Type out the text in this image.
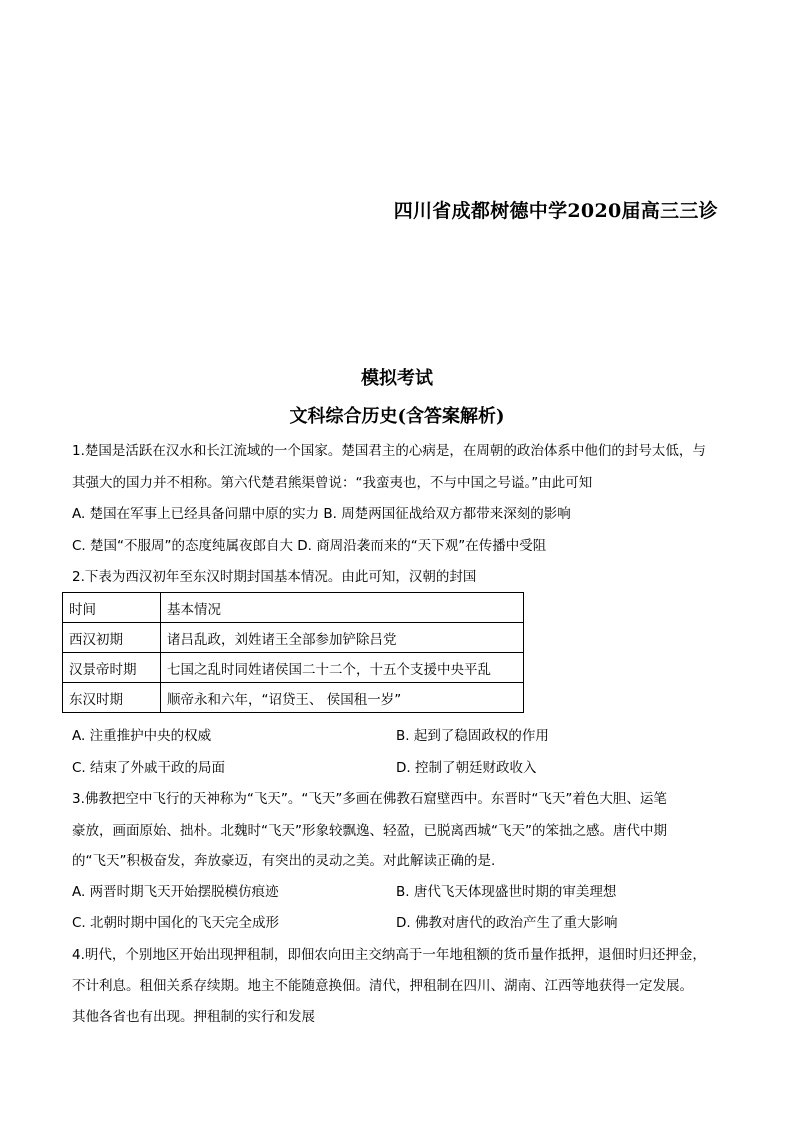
四川省成都树德中学2020届高三三诊
模拟考试
文科综合历史(含答案解析)
1.楚国是活跃在汉水和长江流域的一个国家。楚国君主的心病是，在周朝的政治体系中他们的封号太低，与
其强大的国力并不相称。第六代楚君熊渠曾说：“我蛮夷也，不与中国之号谥。”由此可知
A. 楚国在军事上已经具备问鼎中原的实力 B. 周楚两国征战给双方都带来深刻的影响
C. 楚国“不服周”的态度纯属夜郎自大 D. 商周沿袭而来的“天下观”在传播中受阻
2.下表为西汉初年至东汉时期封国基本情况。由此可知，汉朝的封国
时间	基本情况
西汉初期	诸吕乱政，刘姓诸王全部参加铲除吕党
汉景帝时期	七国之乱时同姓诸侯国二十二个，十五个支援中央平乱
东汉时期	顺帝永和六年，“诏贷王、 侯国租一岁”
A. 注重推护中央的权威	B. 起到了稳固政权的作用
C. 结束了外戚干政的局面	D. 控制了朝廷财政收入
3.佛教把空中飞行的天神称为“飞天”。“飞天”多画在佛教石窟壁西中。东晋时“飞天”着色大胆、运笔
豪放，画面原始、拙朴。北魏时“飞天”形象较飘逸、轻盈，已脱离西城“飞天”的笨拙之感。唐代中期
的“飞天”积极奋发，奔放豪迈，有突出的灵动之美。对此解读正确的是.
A. 两晋时期飞天开始摆脱模仿痕迹	B. 唐代飞天体现盛世时期的审美理想
C. 北朝时期中国化的飞天完全成形	D. 佛教对唐代的政治产生了重大影响
4.明代，个别地区开始出现押租制，即佃农向田主交纳高于一年地租额的货币量作抵押，退佃时归还押金，
不计利息。租佃关系存续期。地主不能随意换佃。清代，押租制在四川、湖南、江西等地获得一定发展。
其他各省也有出现。押租制的实行和发展
